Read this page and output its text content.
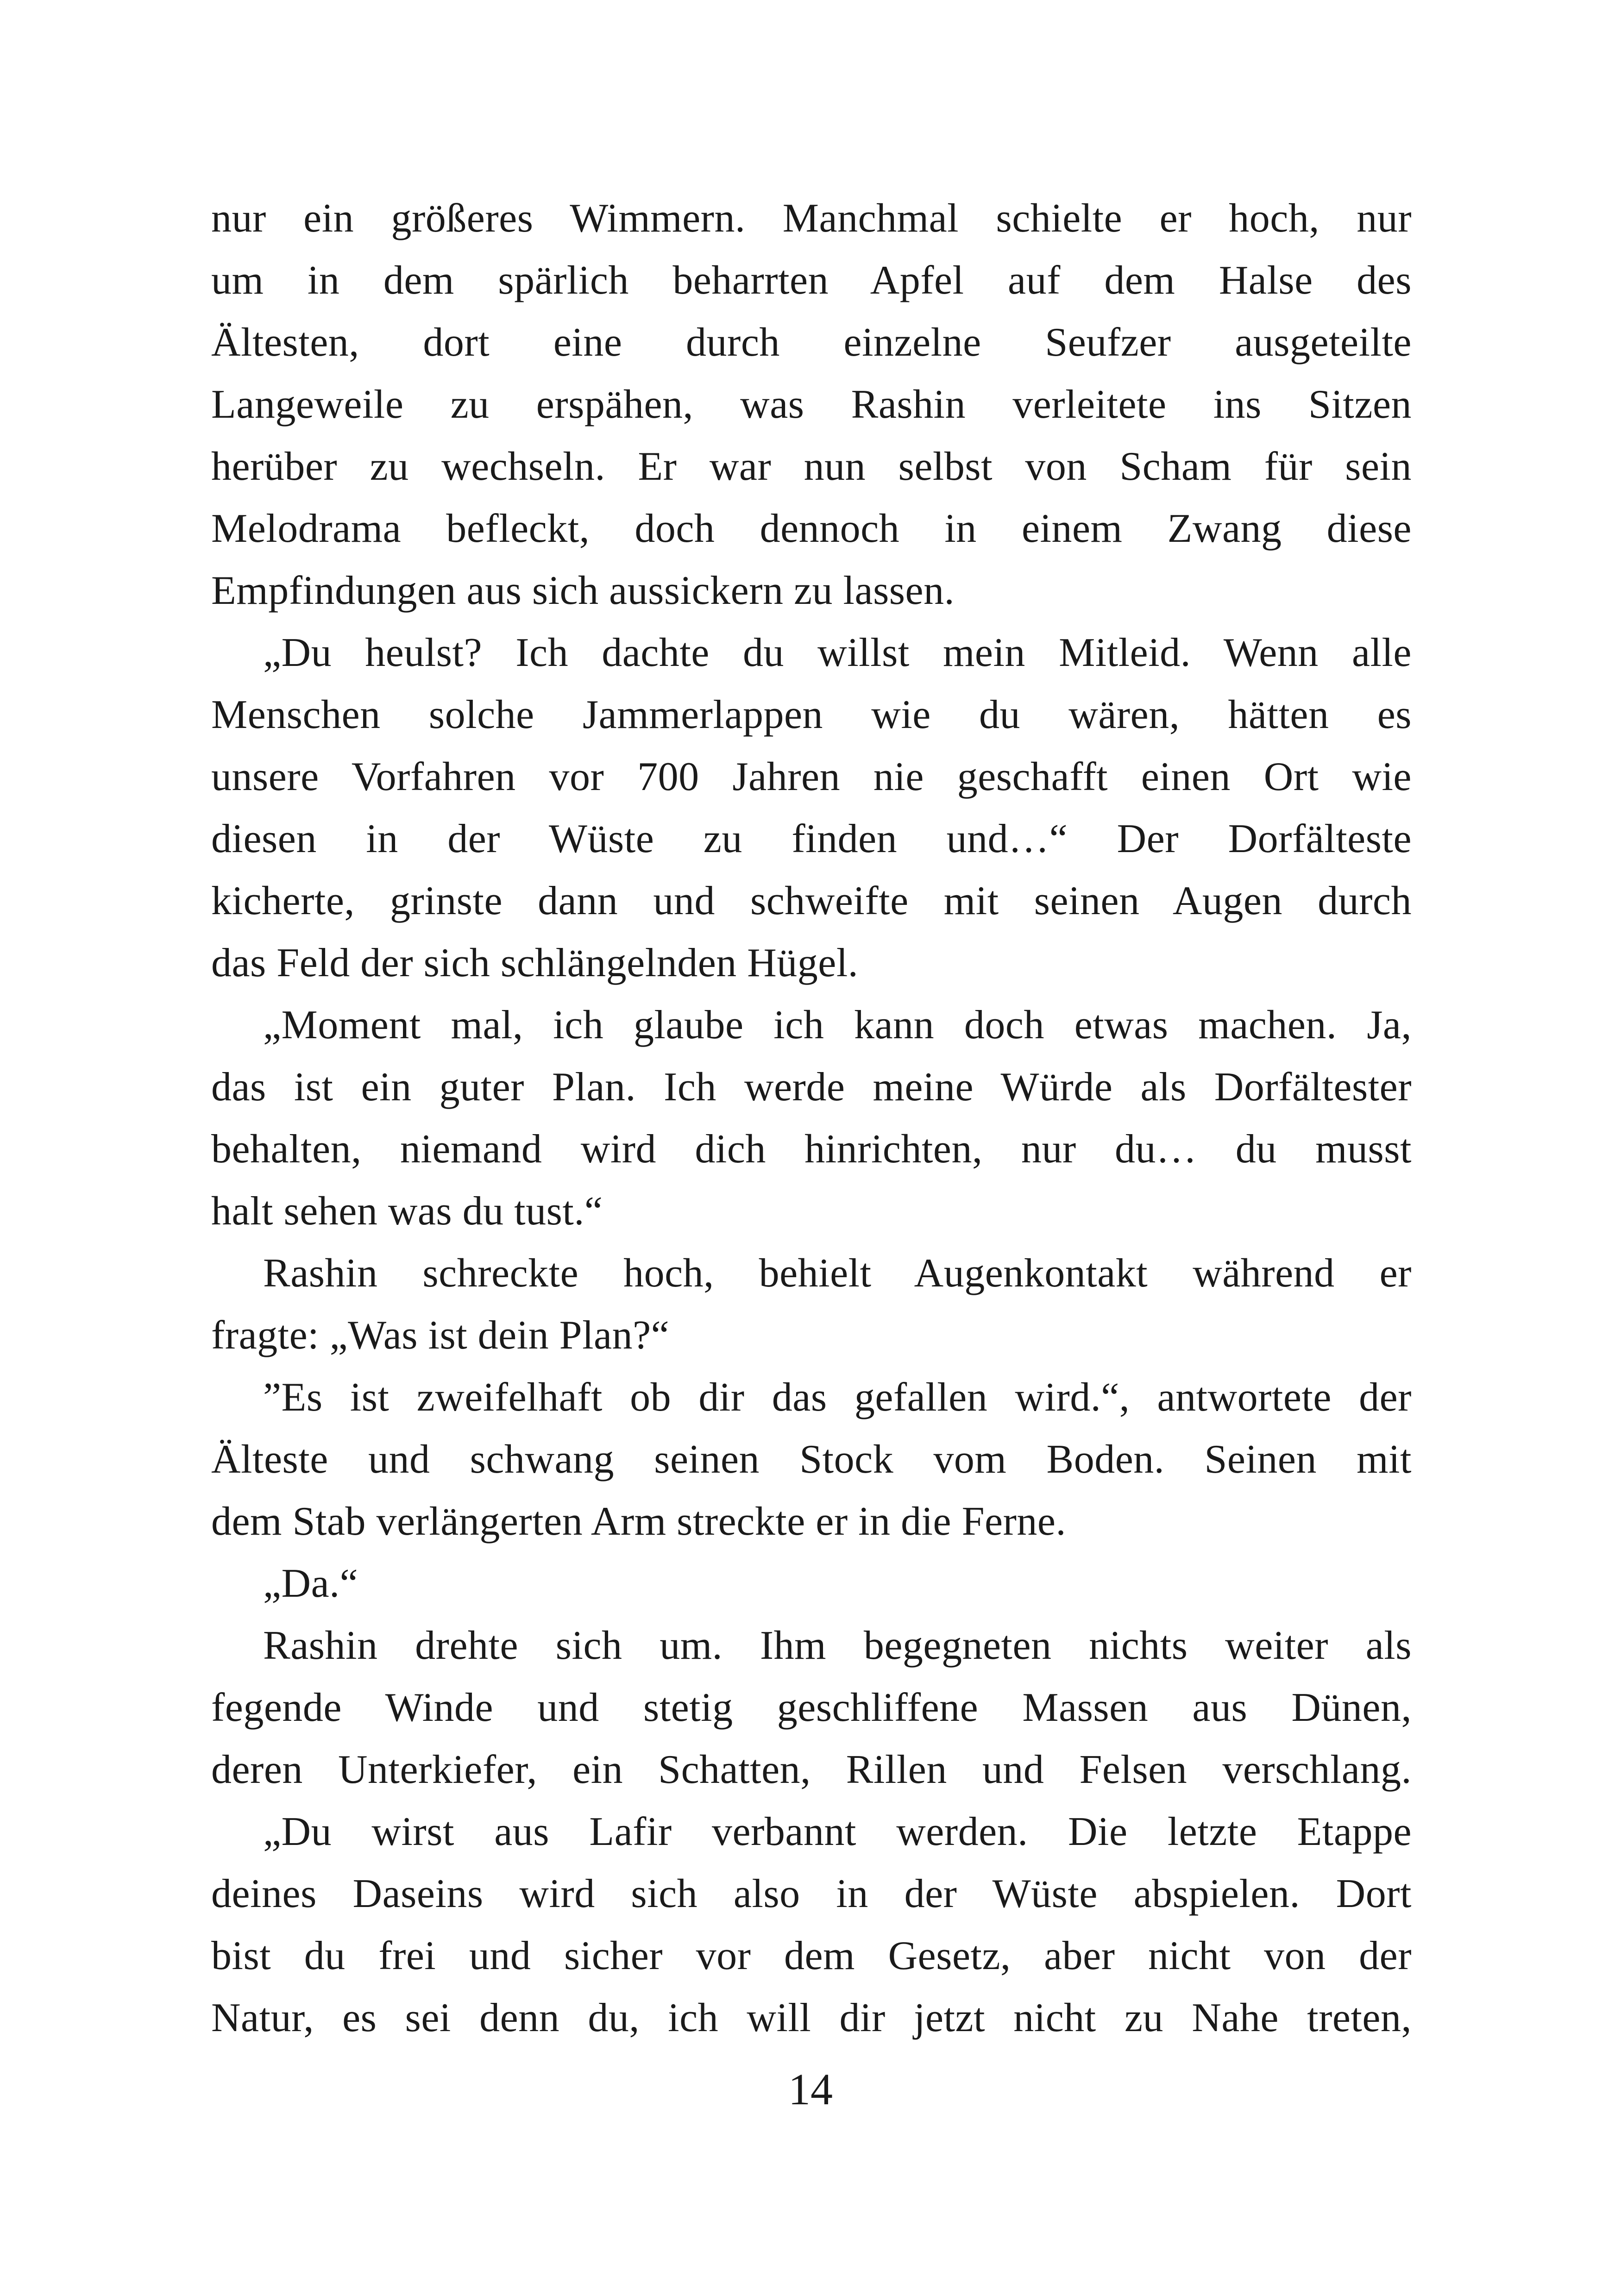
nur ein größeres Wimmern. Manchmal schielte er hoch, nur
um in dem spärlich beharrten Apfel auf dem Halse des
Ältesten, dort eine durch einzelne Seufzer ausgeteilte
Langeweile zu erspähen, was Rashin verleitete ins Sitzen
herüber zu wechseln. Er war nun selbst von Scham für sein
Melodrama befleckt, doch dennoch in einem Zwang diese
Empfindungen aus sich aussickern zu lassen.
„Du heulst? Ich dachte du willst mein Mitleid. Wenn alle
Menschen solche Jammerlappen wie du wären, hätten es
unsere Vorfahren vor 700 Jahren nie geschafft einen Ort wie
diesen in der Wüste zu finden und…“ Der Dorfälteste
kicherte, grinste dann und schweifte mit seinen Augen durch
das Feld der sich schlängelnden Hügel.
„Moment mal, ich glaube ich kann doch etwas machen. Ja,
das ist ein guter Plan. Ich werde meine Würde als Dorfältester
behalten, niemand wird dich hinrichten, nur du… du musst
halt sehen was du tust.“
Rashin schreckte hoch, behielt Augenkontakt während er
fragte: „Was ist dein Plan?“
”Es ist zweifelhaft ob dir das gefallen wird.“, antwortete der
Älteste und schwang seinen Stock vom Boden. Seinen mit
dem Stab verlängerten Arm streckte er in die Ferne.
„Da.“
Rashin drehte sich um. Ihm begegneten nichts weiter als
fegende Winde und stetig geschliffene Massen aus Dünen,
deren Unterkiefer, ein Schatten, Rillen und Felsen verschlang.
„Du wirst aus Lafir verbannt werden. Die letzte Etappe
deines Daseins wird sich also in der Wüste abspielen. Dort
bist du frei und sicher vor dem Gesetz, aber nicht von der
Natur, es sei denn du, ich will dir jetzt nicht zu Nahe treten,
14
